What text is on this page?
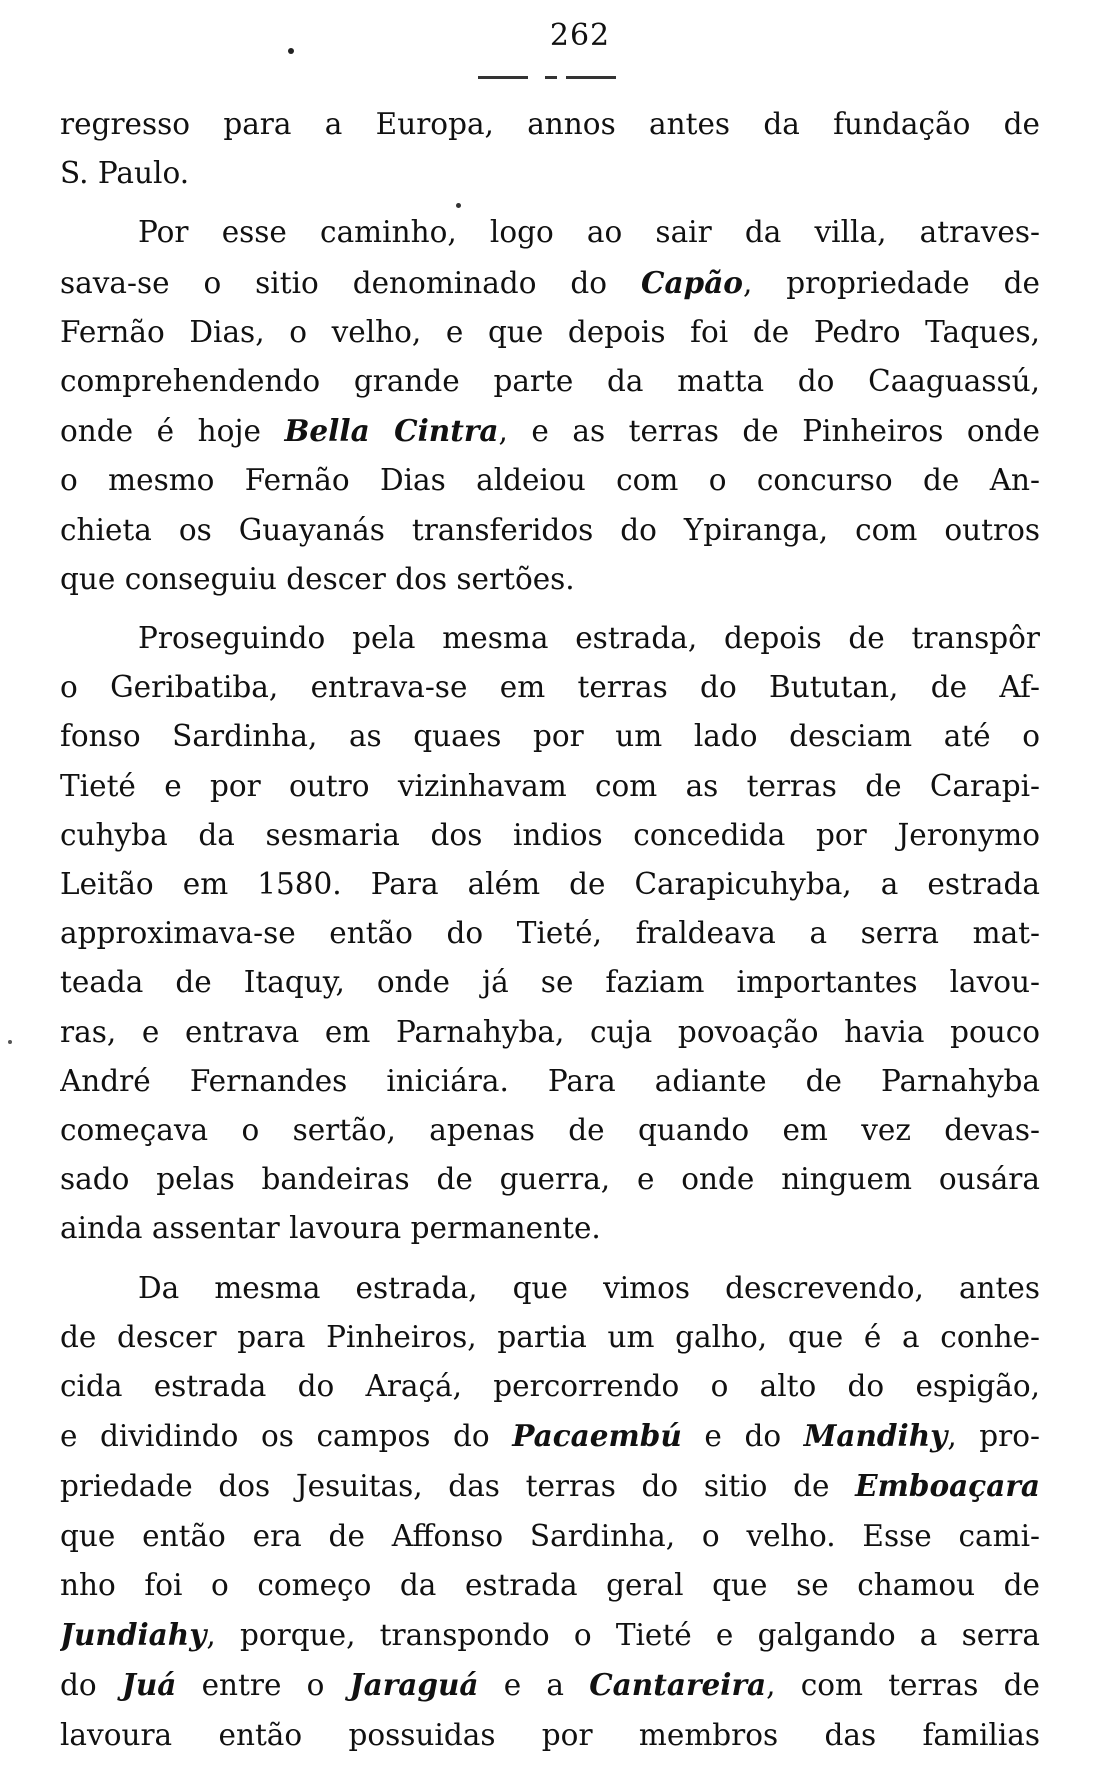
262

regresso para a Europa, annos antes da fundação de
S. Paulo.

Por esse caminho, logo ao sair da villa, atraves-
sava-se o sitio denominado do Capão, propriedade de
Fernão Dias, o velho, e que depois foi de Pedro Taques,
comprehendendo grande parte da matta do Caaguassú,
onde é hoje Bella Cintra, e as terras de Pinheiros onde
o mesmo Fernão Dias aldeiou com o concurso de An-
chieta os Guayanás transferidos do Ypiranga, com outros
que conseguiu descer dos sertões.

Proseguindo pela mesma estrada, depois de transpôr
o Geribatiba, entrava-se em terras do Bututan, de Af-
fonso Sardinha, as quaes por um lado desciam até o
Tieté e por outro vizinhavam com as terras de Carapi-
cuhyba da sesmaria dos indios concedida por Jeronymo
Leitão em 1580. Para além de Carapicuhyba, a estrada
approximava-se então do Tieté, fraldeava a serra mat-
teada de Itaquy, onde já se faziam importantes lavou-
ras, e entrava em Parnahyba, cuja povoação havia pouco
André Fernandes iniciára. Para adiante de Parnahyba
começava o sertão, apenas de quando em vez devas-
sado pelas bandeiras de guerra, e onde ninguem ousára
ainda assentar lavoura permanente.

Da mesma estrada, que vimos descrevendo, antes
de descer para Pinheiros, partia um galho, que é a conhe-
cida estrada do Araçá, percorrendo o alto do espigão,
e dividindo os campos do Pacaembú e do Mandihy, pro-
priedade dos Jesuitas, das terras do sitio de Emboaçara
que então era de Affonso Sardinha, o velho. Esse cami-
nho foi o começo da estrada geral que se chamou de
Jundiahy, porque, transpondo o Tieté e galgando a serra
do Juá entre o Jaraguá e a Cantareira, com terras de
lavoura então possuidas por membros das familias
